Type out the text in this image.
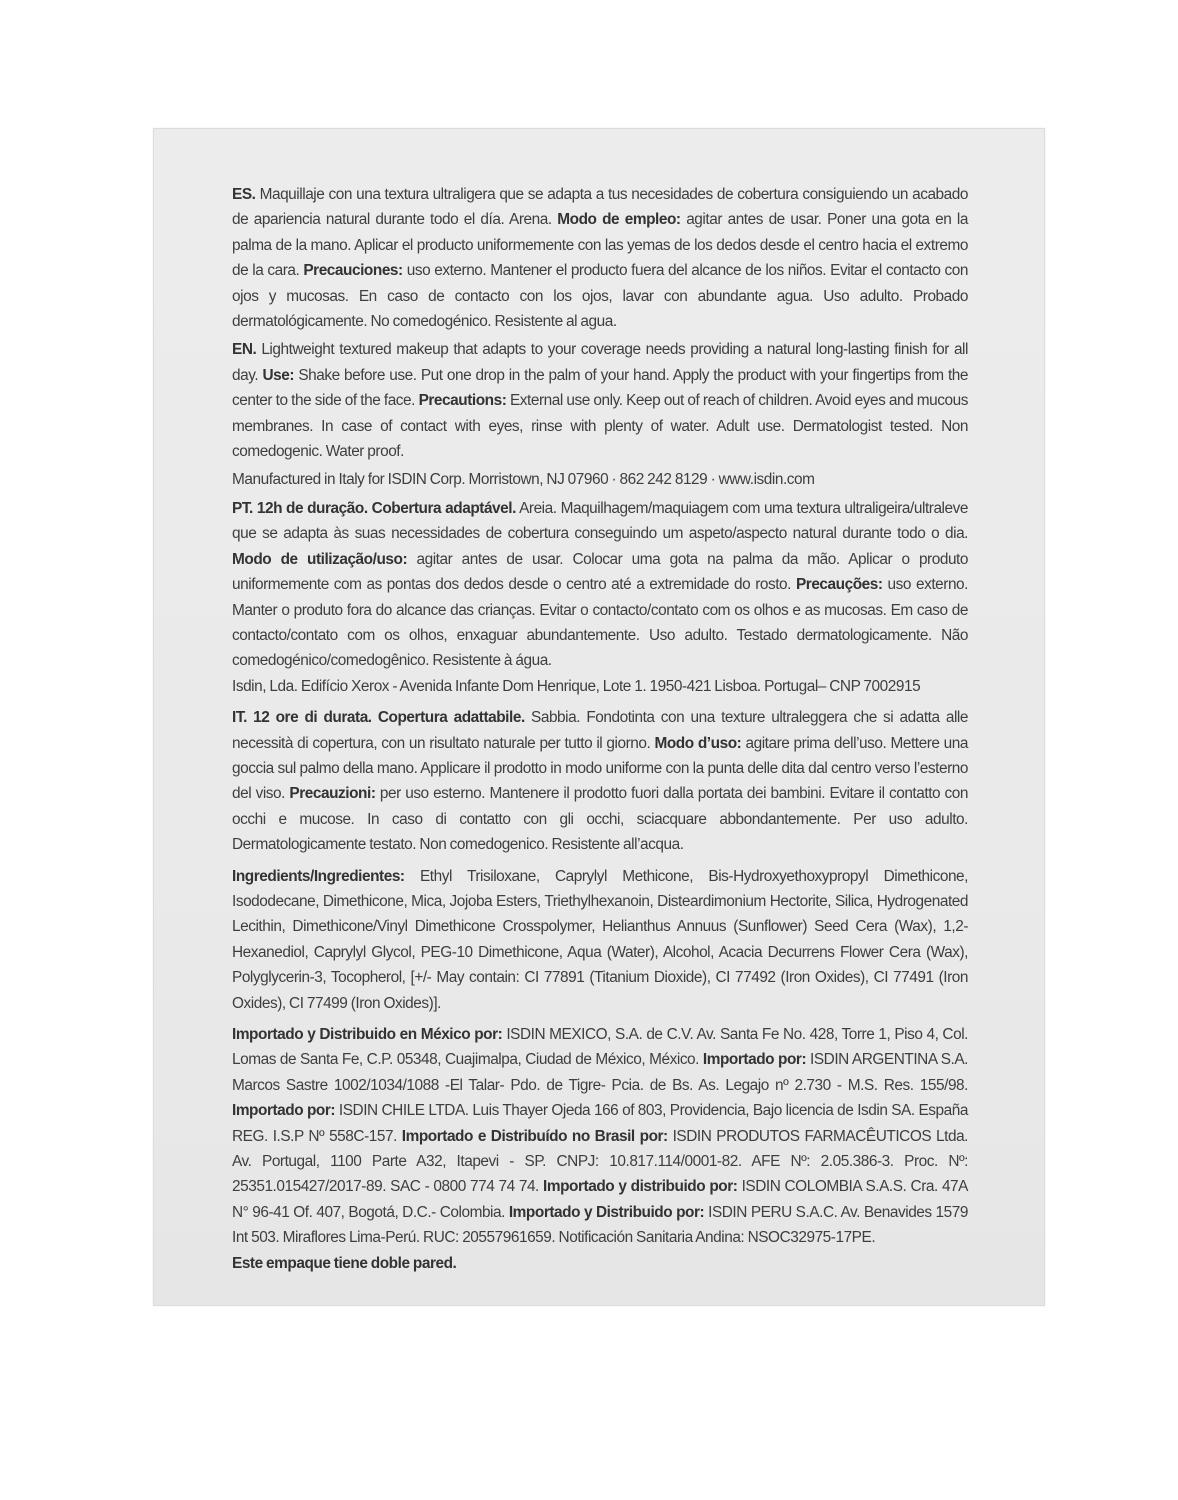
ES. Maquillaje con una textura ultraligera que se adapta a tus necesidades de cobertura consiguiendo un acabado de apariencia natural durante todo el día. Arena. Modo de empleo: agitar antes de usar. Poner una gota en la palma de la mano. Aplicar el producto uniformemente con las yemas de los dedos desde el centro hacia el extremo de la cara. Precauciones: uso externo. Mantener el producto fuera del alcance de los niños. Evitar el contacto con ojos y mucosas. En caso de contacto con los ojos, lavar con abundante agua. Uso adulto. Probado dermatológicamente. No comedogénico. Resistente al agua.

EN. Lightweight textured makeup that adapts to your coverage needs providing a natural long-lasting finish for all day. Use: Shake before use. Put one drop in the palm of your hand. Apply the product with your fingertips from the center to the side of the face. Precautions: External use only. Keep out of reach of children. Avoid eyes and mucous membranes. In case of contact with eyes, rinse with plenty of water. Adult use. Dermatologist tested. Non comedogenic. Water proof.

Manufactured in Italy for ISDIN Corp. Morristown, NJ 07960 · 862 242 8129 · www.isdin.com

PT. 12h de duração. Cobertura adaptável. Areia. Maquilhagem/maquiagem com uma textura ultraligeira/ultraleve que se adapta às suas necessidades de cobertura conseguindo um aspeto/aspecto natural durante todo o dia. Modo de utilização/uso: agitar antes de usar. Colocar uma gota na palma da mão. Aplicar o produto uniformemente com as pontas dos dedos desde o centro até a extremidade do rosto. Precauções: uso externo. Manter o produto fora do alcance das crianças. Evitar o contacto/contato com os olhos e as mucosas. Em caso de contacto/contato com os olhos, enxaguar abundantemente. Uso adulto. Testado dermatologicamente. Não comedogénico/comedogênico. Resistente à água.

Isdin, Lda. Edifício Xerox - Avenida Infante Dom Henrique, Lote 1. 1950-421 Lisboa. Portugal– CNP 7002915

IT. 12 ore di durata. Copertura adattabile. Sabbia. Fondotinta con una texture ultraleggera che si adatta alle necessità di copertura, con un risultato naturale per tutto il giorno. Modo d’uso: agitare prima dell’uso. Mettere una goccia sul palmo della mano. Applicare il prodotto in modo uniforme con la punta delle dita dal centro verso l’esterno del viso. Precauzioni: per uso esterno. Mantenere il prodotto fuori dalla portata dei bambini. Evitare il contatto con occhi e mucose. In caso di contatto con gli occhi, sciacquare abbondantemente. Per uso adulto. Dermatologicamente testato. Non comedogenico. Resistente all’acqua.

Ingredients/Ingredientes: Ethyl Trisiloxane, Caprylyl Methicone, Bis-Hydroxyethoxypropyl Dimethicone, Isododecane, Dimethicone, Mica, Jojoba Esters, Triethylhexanoin, Disteardimonium Hectorite, Silica, Hydrogenated Lecithin, Dimethicone/Vinyl Dimethicone Crosspolymer, Helianthus Annuus (Sunflower) Seed Cera (Wax), 1,2-Hexanediol, Caprylyl Glycol, PEG-10 Dimethicone, Aqua (Water), Alcohol, Acacia Decurrens Flower Cera (Wax), Polyglycerin-3, Tocopherol, [+/- May contain: CI 77891 (Titanium Dioxide), CI 77492 (Iron Oxides), CI 77491 (Iron Oxides), CI 77499 (Iron Oxides)].

Importado y Distribuido en México por: ISDIN MEXICO, S.A. de C.V. Av. Santa Fe No. 428, Torre 1, Piso 4, Col. Lomas de Santa Fe, C.P. 05348, Cuajimalpa, Ciudad de México, México. Importado por: ISDIN ARGENTINA S.A. Marcos Sastre 1002/1034/1088 -El Talar- Pdo. de Tigre- Pcia. de Bs. As. Legajo nº 2.730 - M.S. Res. 155/98. Importado por: ISDIN CHILE LTDA. Luis Thayer Ojeda 166 of 803, Providencia, Bajo licencia de Isdin SA. España REG. I.S.P Nº 558C-157. Importado e Distribuído no Brasil por: ISDIN PRODUTOS FARMACÊUTICOS Ltda. Av. Portugal, 1100 Parte A32, Itapevi - SP. CNPJ: 10.817.114/0001-82. AFE Nº: 2.05.386-3. Proc. Nº: 25351.015427/2017-89. SAC - 0800 774 74 74. Importado y distribuido por: ISDIN COLOMBIA S.A.S. Cra. 47A N° 96-41 Of. 407, Bogotá, D.C.- Colombia. Importado y Distribuido por: ISDIN PERU S.A.C. Av. Benavides 1579 Int 503. Miraflores Lima-Perú. RUC: 20557961659. Notificación Sanitaria Andina: NSOC32975-17PE.

Este empaque tiene doble pared.
